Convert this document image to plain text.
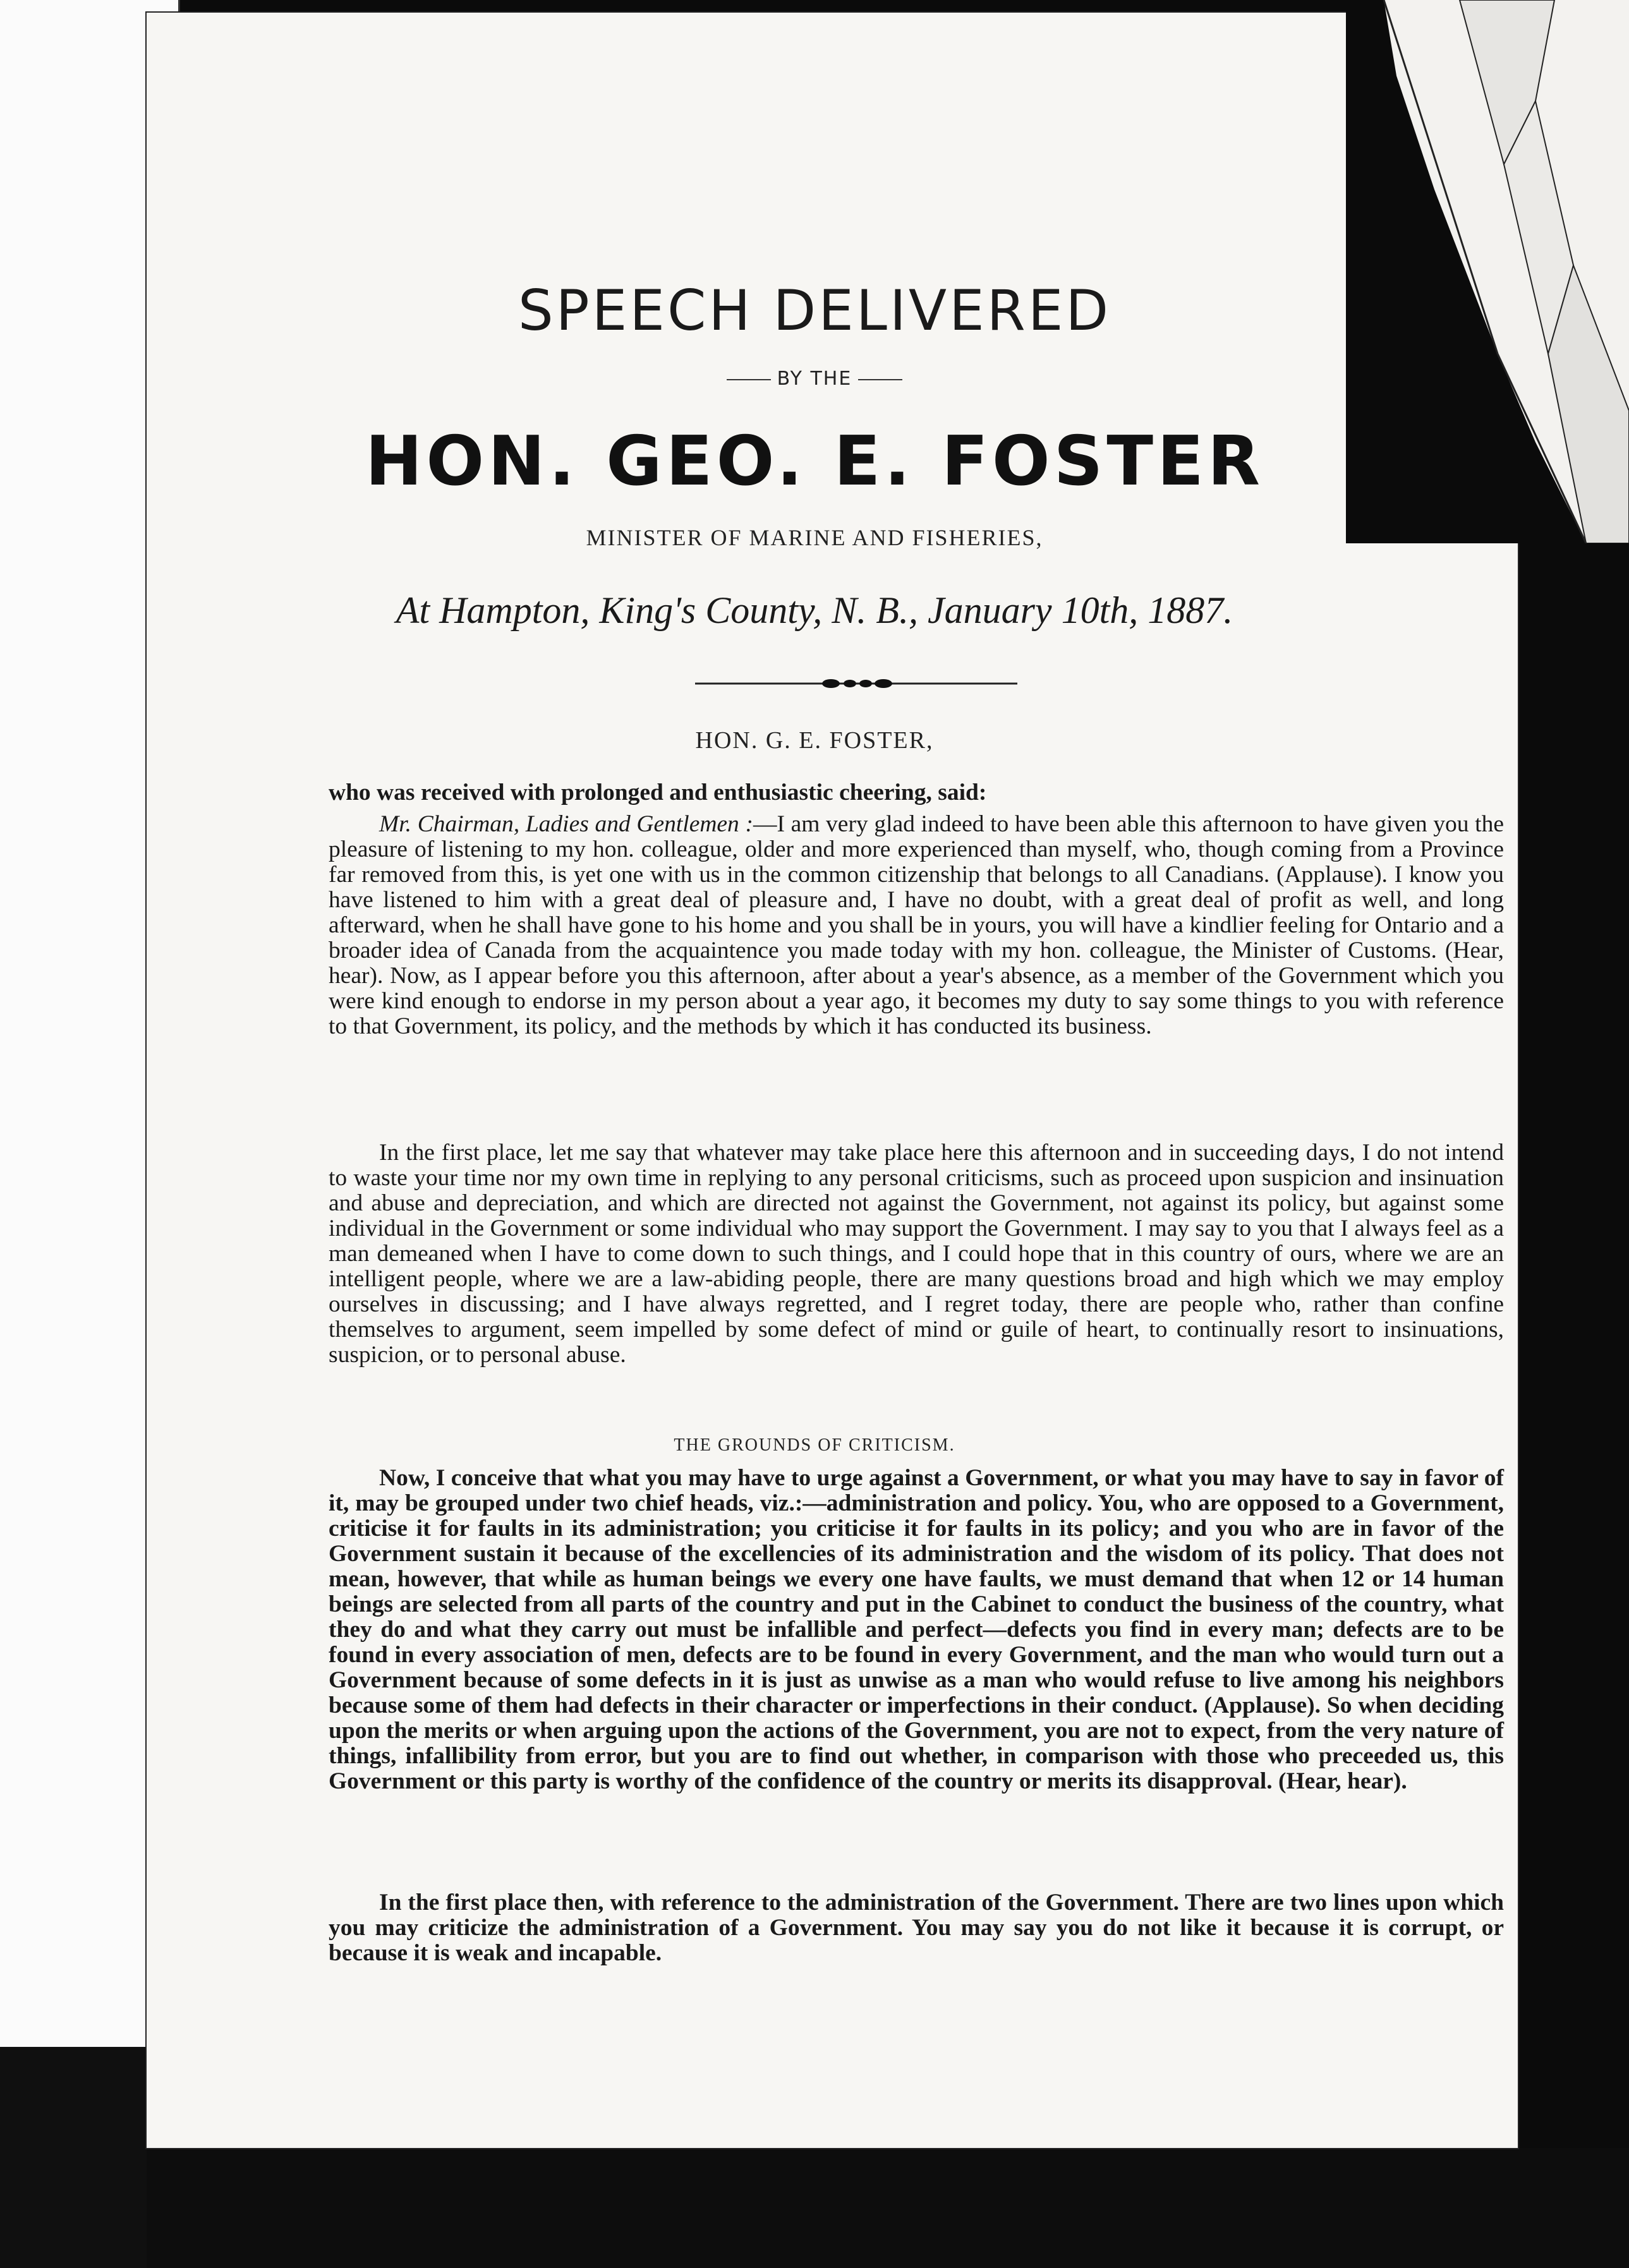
SPEECH DELIVERED
BY THE
HON. GEO. E. FOSTER
MINISTER OF MARINE AND FISHERIES,
At Hampton, King's County, N. B., January 10th, 1887.
HON. G. E. FOSTER,

who was received with prolonged and enthusiastic cheering, said:

Mr. Chairman, Ladies and Gentlemen :—I am very glad indeed to have been able this afternoon to have given you the pleasure of listening to my hon. colleague, older and more experienced than myself, who, though coming from a Province far removed from this, is yet one with us in the common citizenship that belongs to all Canadians. (Applause). I know you have listened to him with a great deal of pleasure and, I have no doubt, with a great deal of profit as well, and long afterward, when he shall have gone to his home and you shall be in yours, you will have a kindlier feeling for Ontario and a broader idea of Canada from the acquaintence you made today with my hon. colleague, the Minister of Customs. (Hear, hear). Now, as I appear before you this afternoon, after about a year's absence, as a member of the Government which you were kind enough to endorse in my person about a year ago, it becomes my duty to say some things to you with reference to that Government, its policy, and the methods by which it has conducted its business.

In the first place, let me say that whatever may take place here this afternoon and in succeeding days, I do not intend to waste your time nor my own time in replying to any personal criticisms, such as proceed upon suspicion and insinuation and abuse and depreciation, and which are directed not against the Government, not against its policy, but against some individual in the Government or some individual who may support the Government. I may say to you that I always feel as a man demeaned when I have to come down to such things, and I could hope that in this country of ours, where we are an intelligent people, where we are a law-abiding people, there are many questions broad and high which we may employ ourselves in discussing; and I have always regretted, and I regret today, there are people who, rather than confine themselves to argument, seem impelled by some defect of mind or guile of heart, to continually resort to insinuations, suspicion, or to personal abuse.

THE GROUNDS OF CRITICISM.

Now, I conceive that what you may have to urge against a Government, or what you may have to say in favor of it, may be grouped under two chief heads, viz.:—administration and policy. You, who are opposed to a Government, criticise it for faults in its administration; you criticise it for faults in its policy; and you who are in favor of the Government sustain it because of the excellencies of its administration and the wisdom of its policy. That does not mean, however, that while as human beings we every one have faults, we must demand that when 12 or 14 human beings are selected from all parts of the country and put in the Cabinet to conduct the business of the country, what they do and what they carry out must be infallible and perfect—defects you find in every man; defects are to be found in every association of men, defects are to be found in every Government, and the man who would turn out a Government because of some defects in it is just as unwise as a man who would refuse to live among his neighbors because some of them had defects in their character or imperfections in their conduct. (Applause). So when deciding upon the merits or when arguing upon the actions of the Government, you are not to expect, from the very nature of things, infallibility from error, but you are to find out whether, in comparison with those who preceeded us, this Government or this party is worthy of the confidence of the country or merits its disapproval. (Hear, hear).

In the first place then, with reference to the administration of the Government. There are two lines upon which you may criticize the administration of a Government. You may say you do not like it because it is corrupt, or because it is weak and incapable.
